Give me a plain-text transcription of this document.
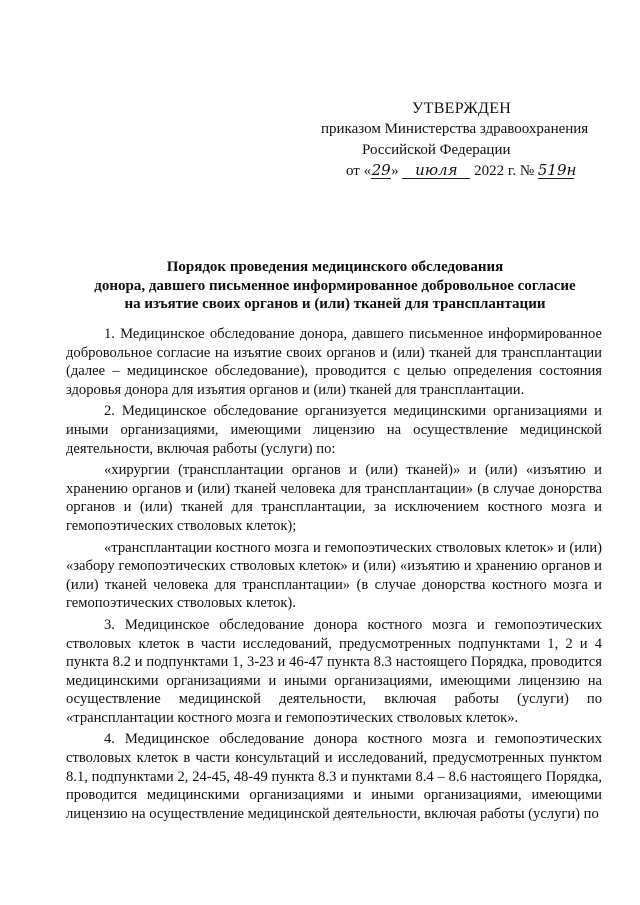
УТВЕРЖДЕН
приказом Министерства здравоохранения
Российской Федерации
от «29» июля 2022 г. № 519н
Порядок проведения медицинского обследования
донора, давшего письменное информированное добровольное согласие
на изъятие своих органов и (или) тканей для трансплантации

1. Медицинское обследование донора, давшего письменное информированное добровольное согласие на изъятие своих органов и (или) тканей для трансплантации (далее – медицинское обследование), проводится с целью определения состояния здоровья донора для изъятия органов и (или) тканей для трансплантации.

2. Медицинское обследование организуется медицинскими организациями и иными организациями, имеющими лицензию на осуществление медицинской деятельности, включая работы (услуги) по:

«хирургии (трансплантации органов и (или) тканей)» и (или) «изъятию и хранению органов и (или) тканей человека для трансплантации» (в случае донорства органов и (или) тканей для трансплантации, за исключением костного мозга и гемопоэтических стволовых клеток);

«трансплантации костного мозга и гемопоэтических стволовых клеток» и (или) «забору гемопоэтических стволовых клеток» и (или) «изъятию и хранению органов и (или) тканей человека для трансплантации» (в случае донорства костного мозга и гемопоэтических стволовых клеток).

3. Медицинское обследование донора костного мозга и гемопоэтических стволовых клеток в части исследований, предусмотренных подпунктами 1, 2 и 4 пункта 8.2 и подпунктами 1, 3-23 и 46-47 пункта 8.3 настоящего Порядка, проводится медицинскими организациями и иными организациями, имеющими лицензию на осуществление медицинской деятельности, включая работы (услуги) по «трансплантации костного мозга и гемопоэтических стволовых клеток».

4. Медицинское обследование донора костного мозга и гемопоэтических стволовых клеток в части консультаций и исследований, предусмотренных пунктом 8.1, подпунктами 2, 24-45, 48-49 пункта 8.3 и пунктами 8.4 – 8.6 настоящего Порядка, проводится медицинскими организациями и иными организациями, имеющими лицензию на осуществление медицинской деятельности, включая работы (услуги) по
